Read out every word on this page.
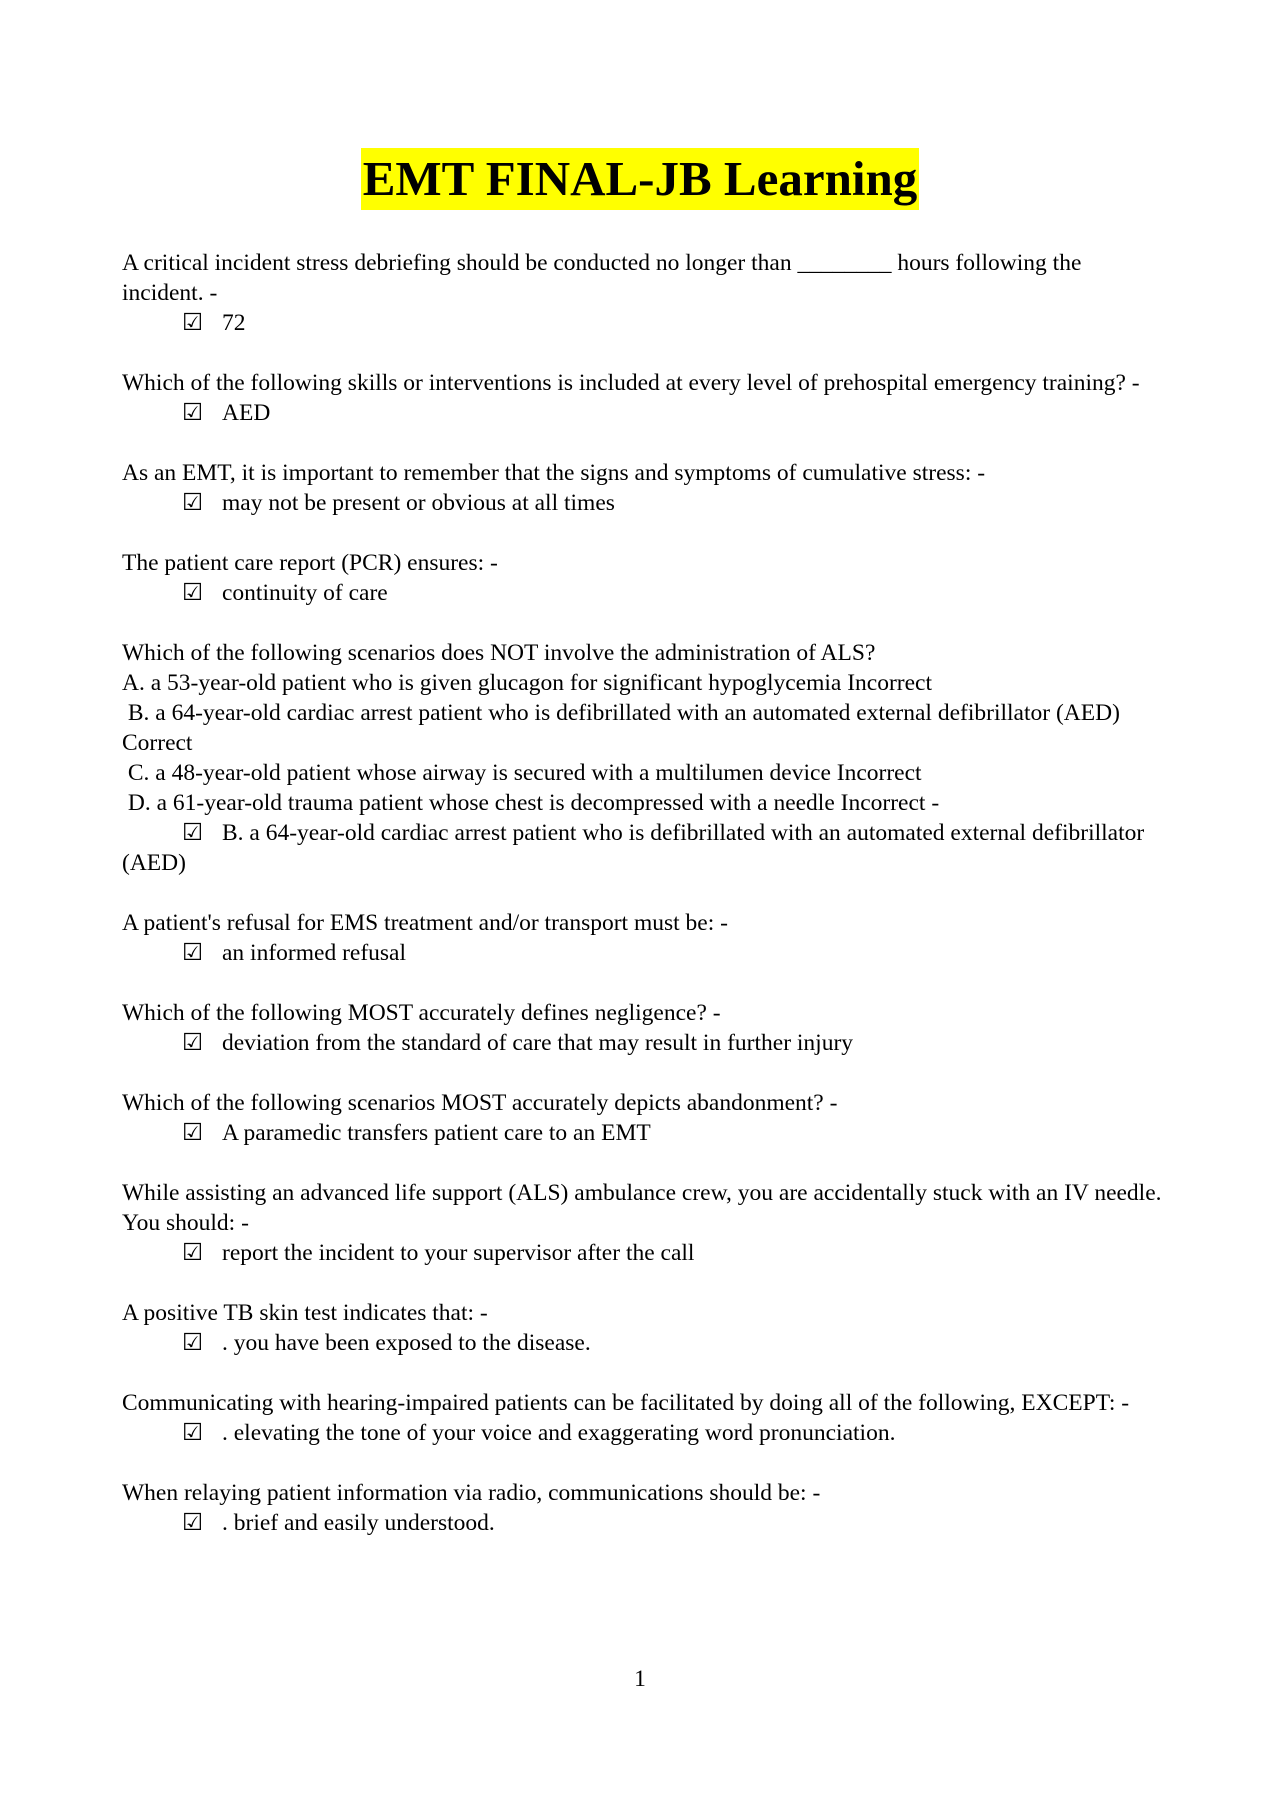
EMT FINAL-JB Learning

A critical incident stress debriefing should be conducted no longer than ________ hours following the incident. -

☑ 72

Which of the following skills or interventions is included at every level of prehospital emergency training? -

☑ AED

As an EMT, it is important to remember that the signs and symptoms of cumulative stress: -

☑ may not be present or obvious at all times

The patient care report (PCR) ensures: -

☑ continuity of care

Which of the following scenarios does NOT involve the administration of ALS?

A. a 53-year-old patient who is given glucagon for significant hypoglycemia Incorrect

B. a 64-year-old cardiac arrest patient who is defibrillated with an automated external defibrillator (AED) Correct

C. a 48-year-old patient whose airway is secured with a multilumen device Incorrect

D. a 61-year-old trauma patient whose chest is decompressed with a needle Incorrect -

☑ B. a 64-year-old cardiac arrest patient who is defibrillated with an automated external defibrillator (AED)

A patient's refusal for EMS treatment and/or transport must be: -

☑ an informed refusal

Which of the following MOST accurately defines negligence? -

☑ deviation from the standard of care that may result in further injury

Which of the following scenarios MOST accurately depicts abandonment? -

☑ A paramedic transfers patient care to an EMT

While assisting an advanced life support (ALS) ambulance crew, you are accidentally stuck with an IV needle. You should: -

☑ report the incident to your supervisor after the call

A positive TB skin test indicates that: -

☑ . you have been exposed to the disease.

Communicating with hearing-impaired patients can be facilitated by doing all of the following, EXCEPT: -

☑ . elevating the tone of your voice and exaggerating word pronunciation.

When relaying patient information via radio, communications should be: -

☑ . brief and easily understood.

1
